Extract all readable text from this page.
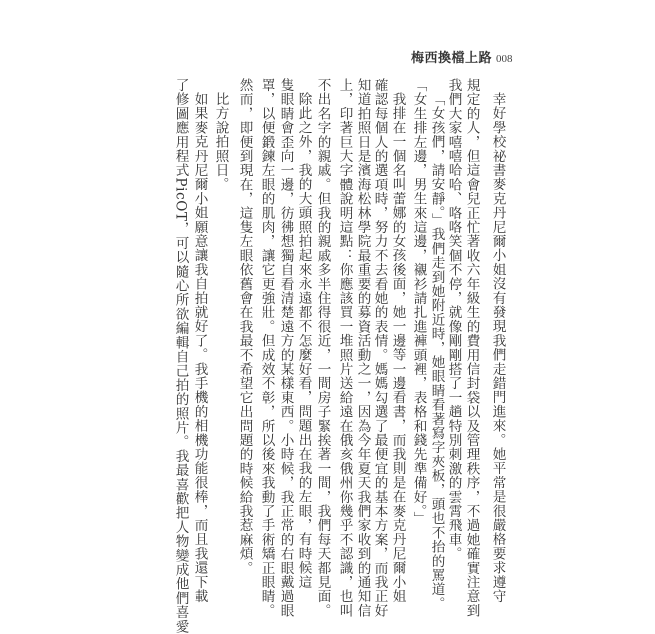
梅西換檔上路 008
幸好學校祕書麥克丹尼爾小姐沒有發現我們走錯門進來。她平常是很嚴格要求遵守
規定的人，但這會兒正忙著收六年級生的費用信封袋以及管理秩序，不過她確實注意到
我們大家嘻嘻哈哈、咯咯笑個不停，就像剛剛搭了一趟特別刺激的雲霄飛車。
「女孩們，請安靜。」我們走到她附近時，她眼睛看著寫字夾板，頭也不抬的罵道。
「女生排左邊，男生來這邊，襯衫請扎進褲頭裡，表格和錢先準備好。」
我排在一個名叫蕾娜的女孩後面，她一邊等一邊看書，而我則是在麥克丹尼爾小姐
確認每個人的選項時，努力不去看她的表情。媽媽勾選了最便宜的基本方案，而我正好
知道拍照日是濱海松林學院最重要的募資活動之一，因為今年夏天我們家收到的通知信
上，印著巨大字體說明這點：你應該買一堆照片送給遠在俄亥俄州你幾乎不認識，也叫
不出名字的親戚。但我的親戚多半住得很近，一間房子緊挨著一間，我們每天都見面。
除此之外，我的大頭照拍起來永遠都不怎麼好看，問題出在我的左眼，有時候這
隻眼睛會歪向一邊，彷彿想獨自看清楚遠方的某樣東西。小時候，我正常的右眼戴過眼
罩，以便鍛鍊左眼的肌肉，讓它更強壯。但成效不彰，所以後來我動了手術矯正眼睛。
然而，即便到現在，這隻左眼依舊會在我最不希望它出問題的時候給我惹麻煩。
比方說拍照日。
如果麥克丹尼爾小姐願意讓我自拍就好了。我手機的相機功能很棒，而且我還下載
了修圖應用程式PicOT，可以隨心所欲編輯自己拍的照片。我最喜歡把人物變成他們喜愛
